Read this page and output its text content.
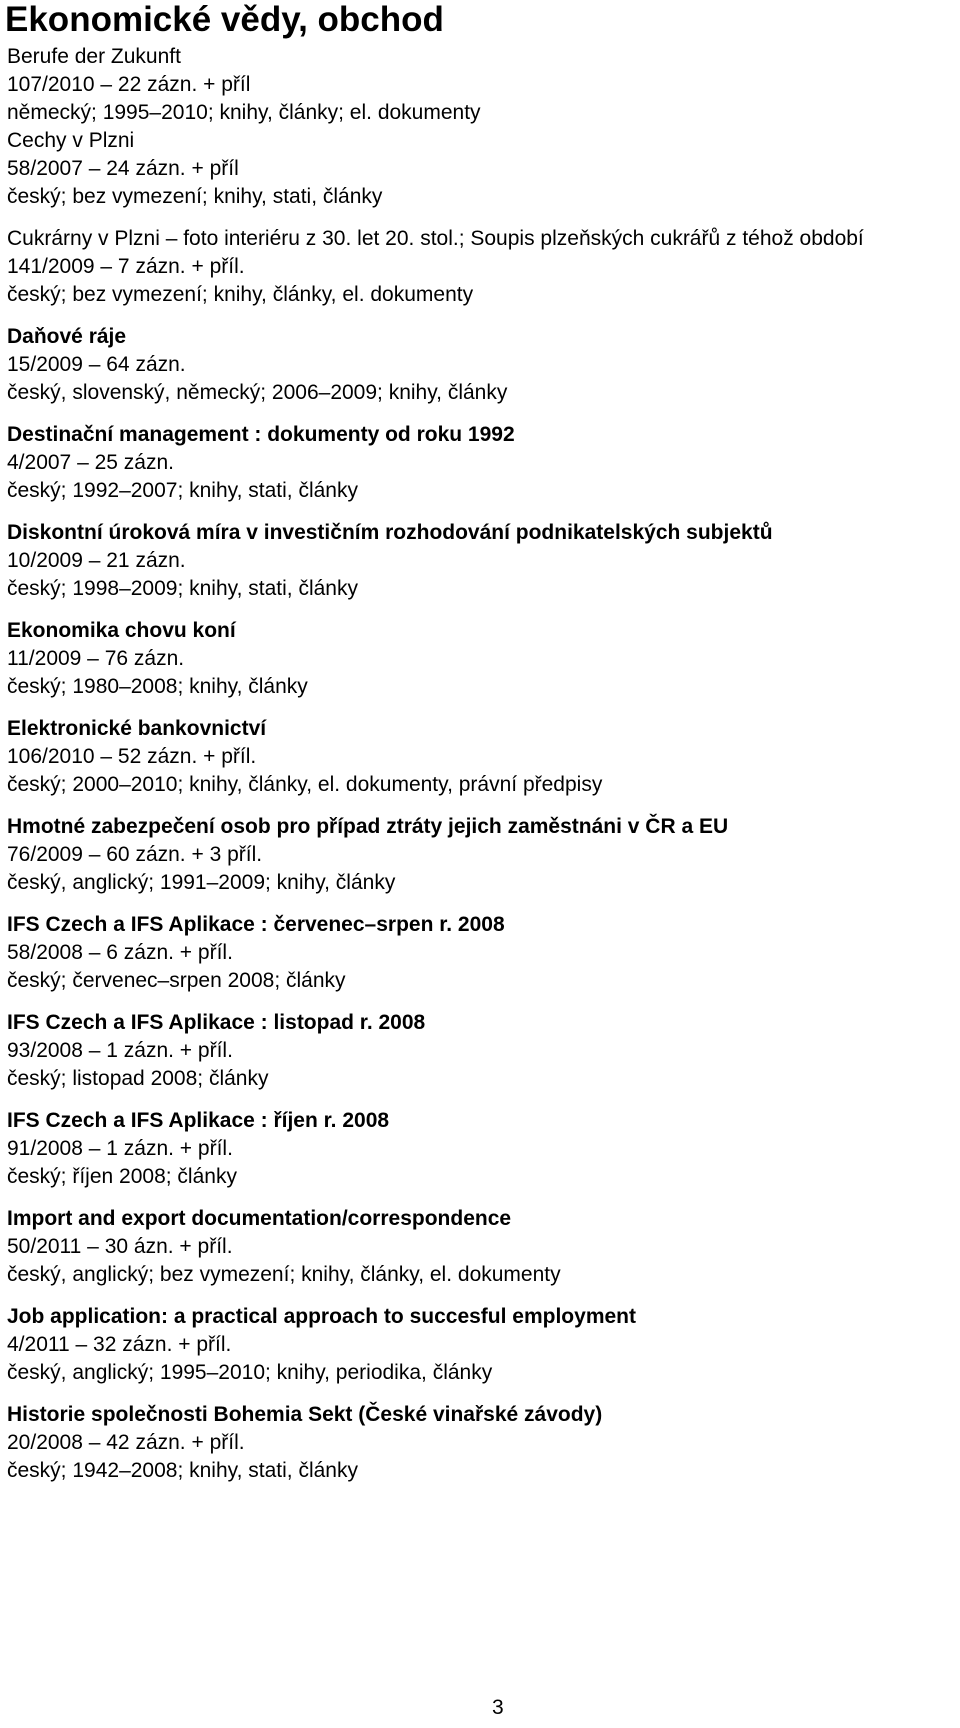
Ekonomické vědy, obchod
Berufe der Zukunft
107/2010 – 22 zázn. + příl
německý; 1995–2010; knihy, články; el. dokumenty
Cechy v Plzni
58/2007 – 24 zázn. + příl
český; bez vymezení; knihy, stati, články
Cukrárny v Plzni – foto interiéru z 30. let 20. stol.; Soupis plzeňských cukrářů z téhož období
141/2009 – 7 zázn. + příl.
český; bez vymezení; knihy, články, el. dokumenty
Daňové ráje
15/2009 – 64 zázn.
český, slovenský, německý; 2006–2009; knihy, články
Destinační management : dokumenty od roku 1992
4/2007 – 25 zázn.
český; 1992–2007; knihy, stati, články
Diskontní úroková míra v investičním rozhodování podnikatelských subjektů
10/2009 – 21 zázn.
český; 1998–2009; knihy, stati, články
Ekonomika chovu koní
11/2009 – 76 zázn.
český; 1980–2008; knihy, články
Elektronické bankovnictví
106/2010 – 52 zázn. + příl.
český; 2000–2010; knihy, články, el. dokumenty, právní předpisy
Hmotné zabezpečení osob pro případ ztráty jejich zaměstnáni v ČR a EU
76/2009 – 60 zázn. + 3 příl.
český, anglický; 1991–2009; knihy, články
IFS Czech a IFS Aplikace : červenec–srpen r. 2008
58/2008 – 6 zázn. + příl.
český; červenec–srpen 2008; články
IFS Czech a IFS Aplikace : listopad r. 2008
93/2008 – 1 zázn. + příl.
český; listopad 2008; články
IFS Czech a IFS Aplikace : říjen r. 2008
91/2008 – 1 zázn. + příl.
český; říjen 2008; články
Import and export documentation/correspondence
50/2011 – 30 ázn. + příl.
český, anglický; bez vymezení; knihy, články, el. dokumenty
Job application: a practical approach to succesful employment
4/2011 – 32 zázn. + příl.
český, anglický; 1995–2010; knihy, periodika, články
Historie společnosti Bohemia Sekt (České vinařské závody)
20/2008 – 42 zázn. + příl.
český; 1942–2008; knihy, stati, články
3
